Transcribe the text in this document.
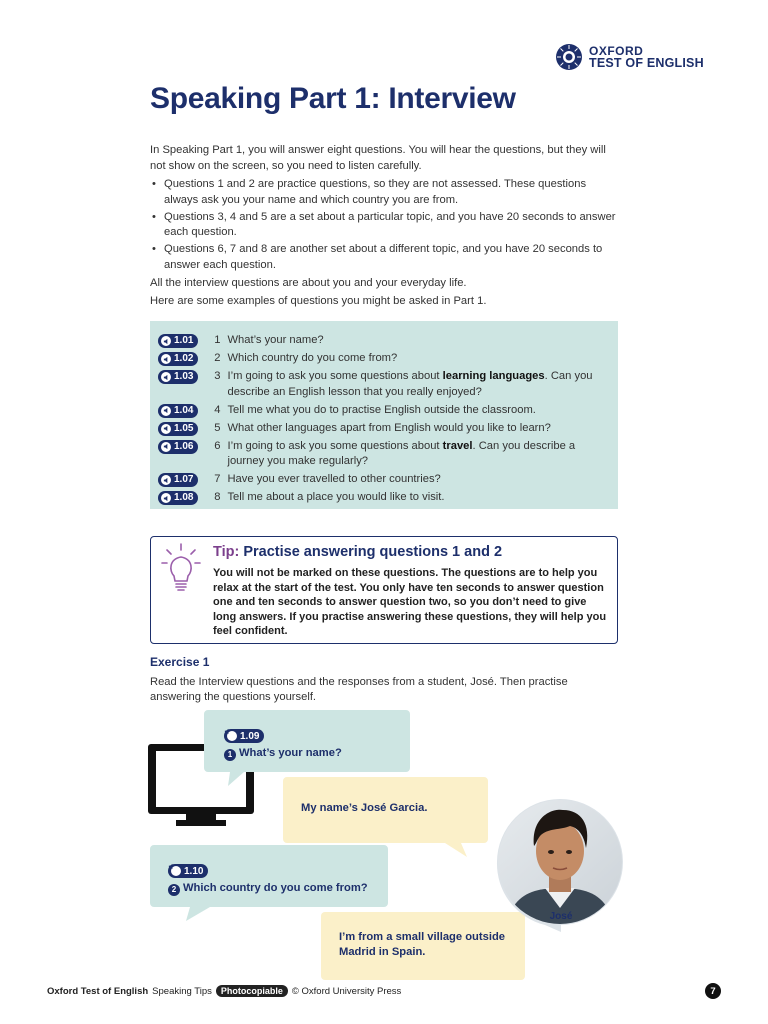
OXFORD
TEST OF ENGLISH
Speaking Part 1: Interview

In Speaking Part 1, you will answer eight questions. You will hear the questions, but they will not show on the screen, so you need to listen carefully.

• Questions 1 and 2 are practice questions, so they are not assessed. These questions always ask you your name and which country you are from.
• Questions 3, 4 and 5 are a set about a particular topic, and you have 20 seconds to answer each question.
• Questions 6, 7 and 8 are another set about a different topic, and you have 20 seconds to answer each question.

All the interview questions are about you and your everyday life.

Here are some examples of questions you might be asked in Part 1.

1.01	1 What’s your name?
1.02	2 Which country do you come from?
1.03	3 I’m going to ask you some questions about learning languages. Can you describe an English lesson that you really enjoyed?
1.04	4 Tell me what you do to practise English outside the classroom.
1.05	5 What other languages apart from English would you like to learn?
1.06	6 I’m going to ask you some questions about travel. Can you describe a journey you make regularly?
1.07	7 Have you ever travelled to other countries?
1.08	8 Tell me about a place you would like to visit.
Tip: Practise answering questions 1 and 2
You will not be marked on these questions. The questions are to help you relax at the start of the test. You only have ten seconds to answer question one and ten seconds to answer question two, so you don’t need to give long answers. If you practise answering these questions, they will help you feel confident.
Exercise 1
Read the Interview questions and the responses from a student, José. Then practise answering the questions yourself.
1.09
1 What’s your name?
My name’s José Garcia.
1.10
2 Which country do you come from?
I’m from a small village outside
Madrid in Spain.
José
Oxford Test of English Speaking Tips	Photocopiable © Oxford University Press	7
